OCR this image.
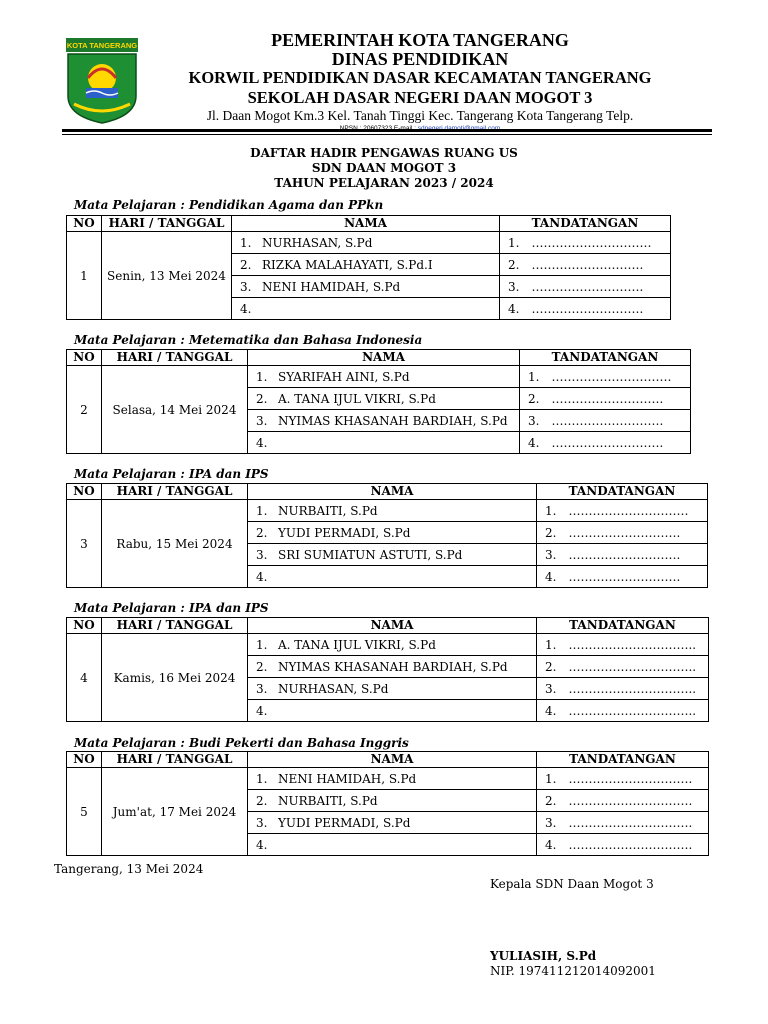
KOTA TANGERANG	PEMERINTAH KOTA TANGERANG
DINAS PENDIDIKAN
KORWIL PENDIDIKAN DASAR KECAMATAN TANGERANG
SEKOLAH DASAR NEGERI DAAN MOGOT 3
Jl. Daan Mogot Km.3 Kel. Tanah Tinggi Kec. Tangerang Kota Tangerang Telp.
NPSN : 20607323 E-mail : sdnegeri.damoti@gmail.com
DAFTAR HADIR PENGAWAS RUANG US
SDN DAAN MOGOT 3
TAHUN PELAJARAN 2023 / 2024
Mata Pelajaran : Pendidikan Agama dan PPkn
NO	HARI / TANGGAL	NAMA	TANDATANGAN
1	Senin, 13 Mei 2024	1. NURHASAN, S.Pd	1. …………………………
		2. RIZKA MALAHAYATI, S.Pd.I	2. ……………………….
		3. NENI HAMIDAH, S.Pd	3. ……………………….
		4.	4. ……………………….
Mata Pelajaran : Metematika dan Bahasa Indonesia
NO	HARI / TANGGAL	NAMA	TANDATANGAN
2	Selasa, 14 Mei 2024	1. SYARIFAH AINI, S.Pd	1. …………………………
		2. A. TANA IJUL VIKRI, S.Pd	2. ……………………….
		3. NYIMAS KHASANAH BARDIAH, S.Pd	3. ……………………….
		4.	4. ……………………….
Mata Pelajaran : IPA dan IPS
NO	HARI / TANGGAL	NAMA	TANDATANGAN
3	Rabu, 15 Mei 2024	1. NURBAITI, S.Pd	1. …………………………
		2. YUDI PERMADI, S.Pd	2. ……………………….
		3. SRI SUMIATUN ASTUTI, S.Pd	3. ……………………….
		4.	4. ……………………….
Mata Pelajaran : IPA dan IPS
NO	HARI / TANGGAL	NAMA	TANDATANGAN
4	Kamis, 16 Mei 2024	1. A. TANA IJUL VIKRI, S.Pd	1. …………………………..
		2. NYIMAS KHASANAH BARDIAH, S.Pd	2. …………………………..
		3. NURHASAN, S.Pd	3. …………………………..
		4.	4. …………………………..
Mata Pelajaran : Budi Pekerti dan Bahasa Inggris
NO	HARI / TANGGAL	NAMA	TANDATANGAN
5	Jum'at, 17 Mei 2024	1. NENI HAMIDAH, S.Pd	1. ………………………….
		2. NURBAITI, S.Pd	2. ………………………….
		3. YUDI PERMADI, S.Pd	3. ………………………….
		4.	4. ………………………….
Tangerang, 13 Mei 2024
Kepala SDN Daan Mogot 3
YULIASIH, S.Pd
NIP. 197411212014092001
